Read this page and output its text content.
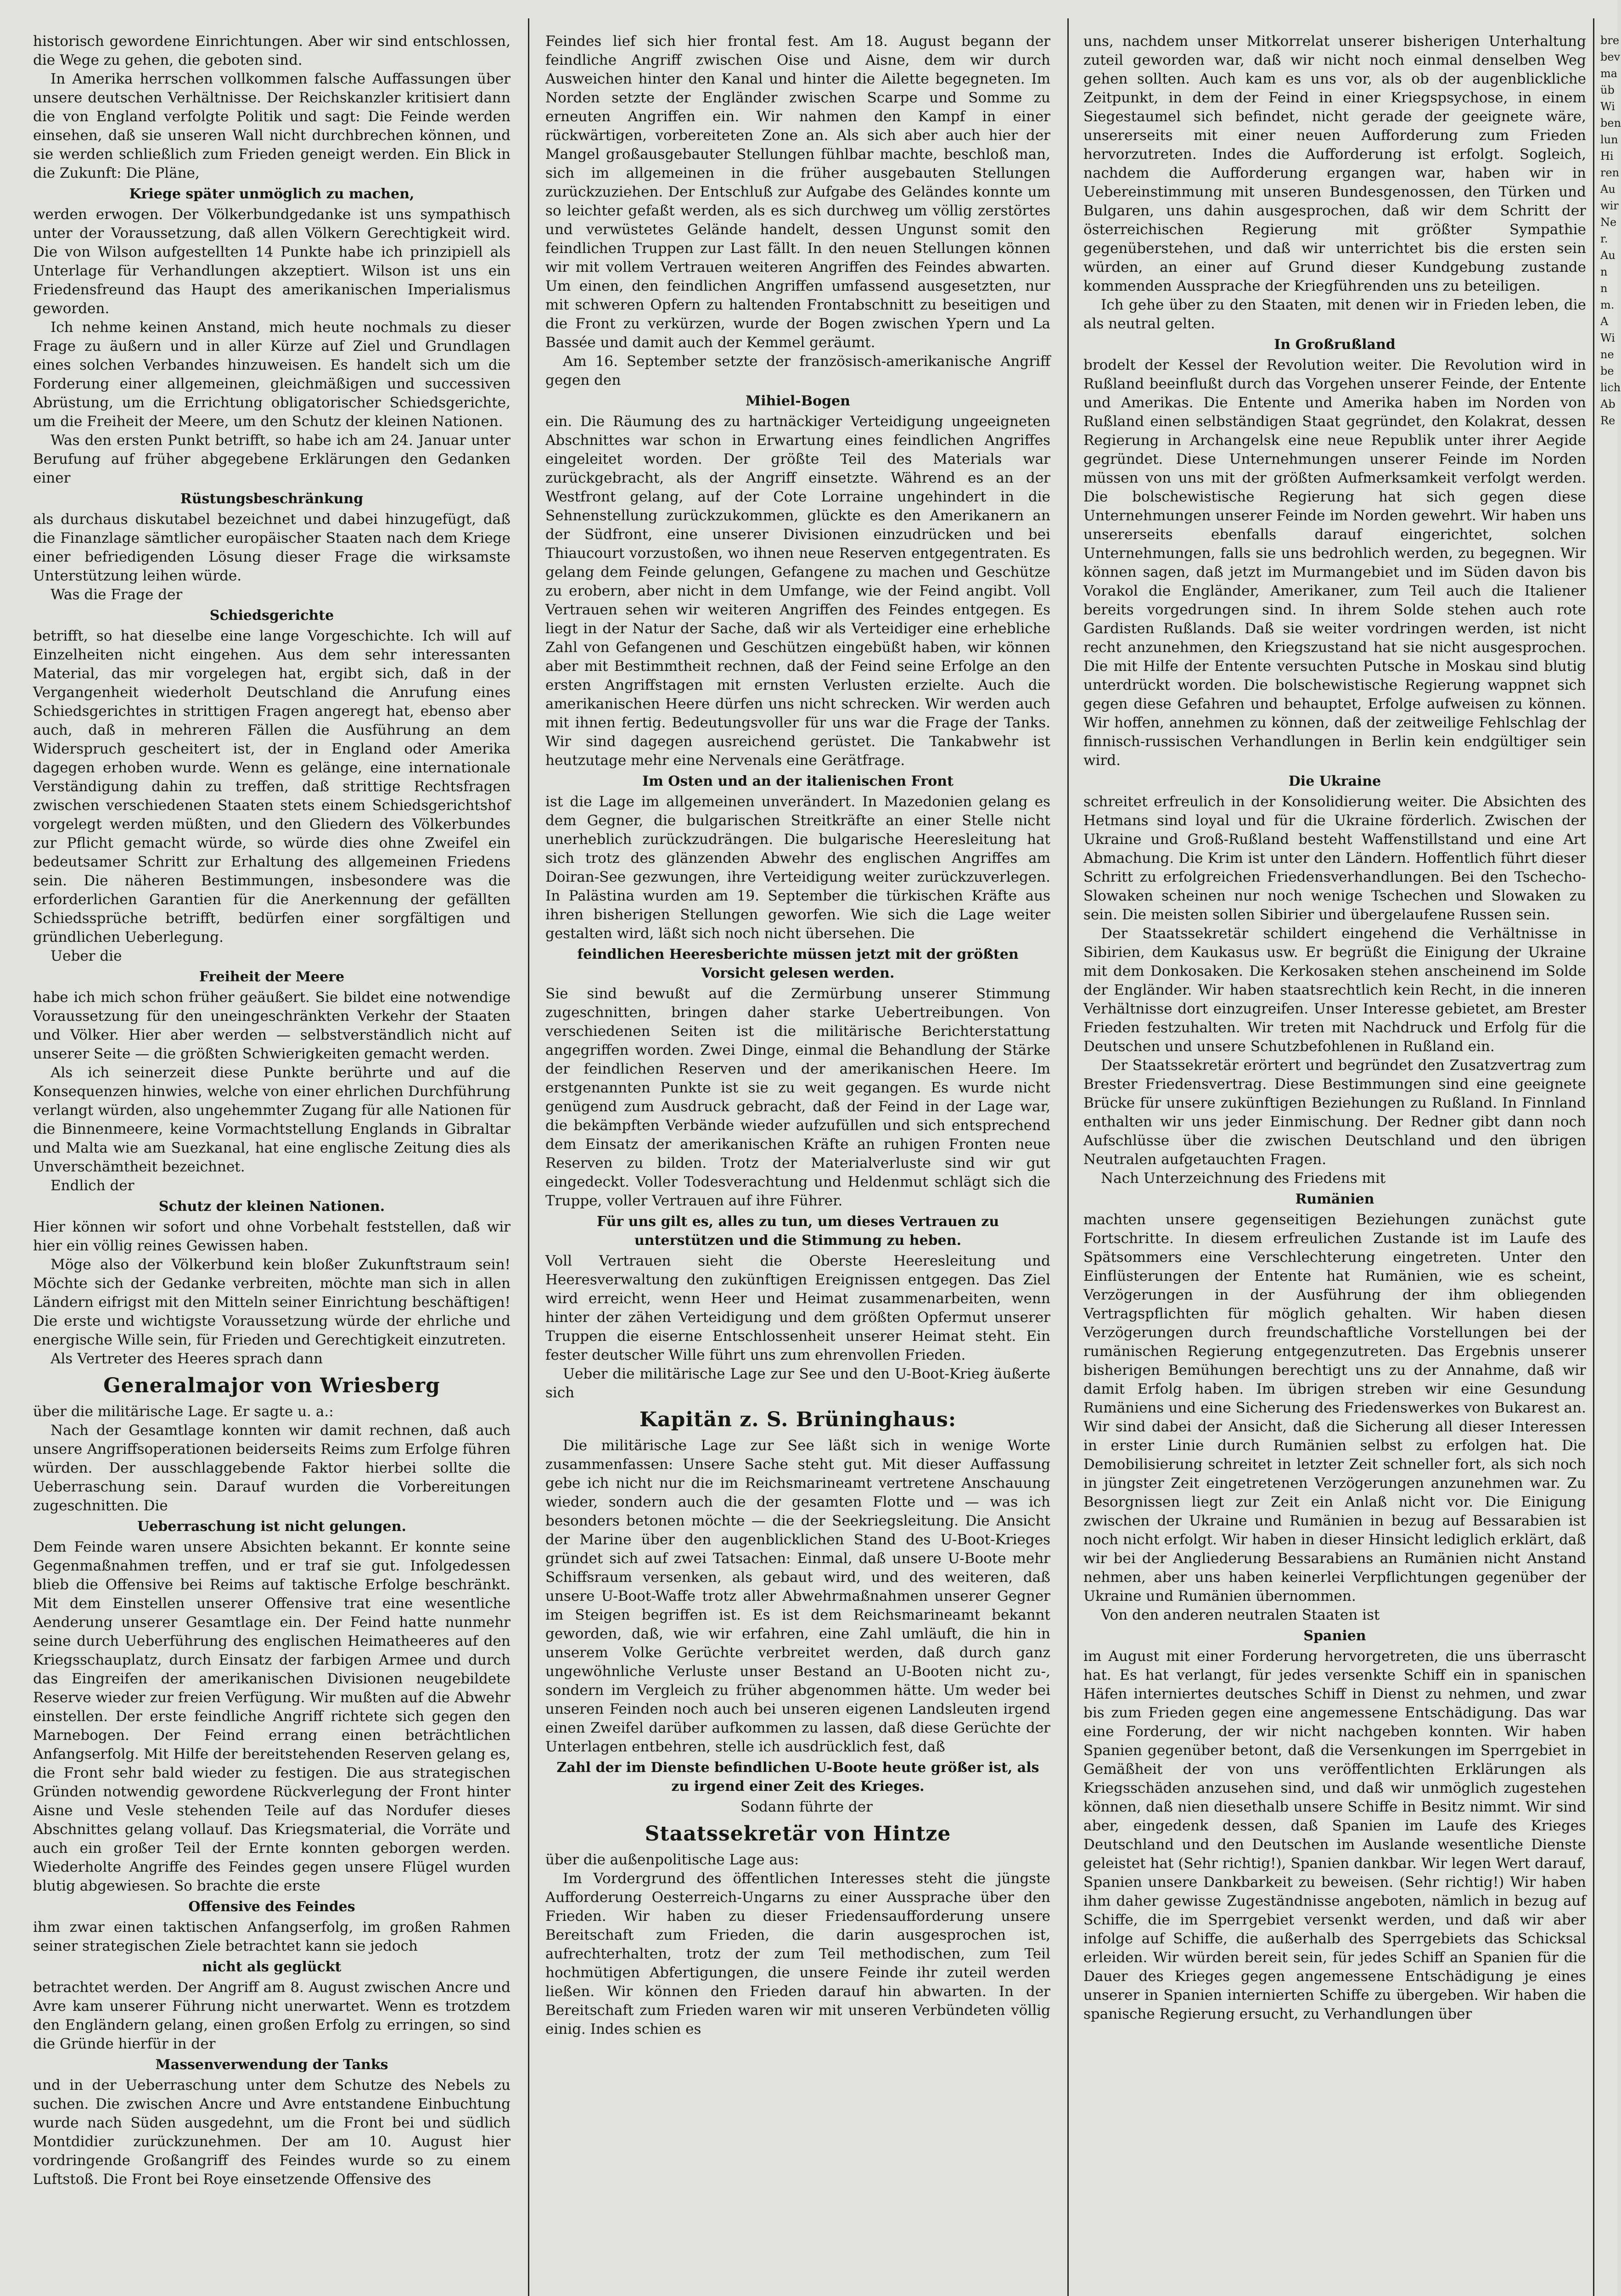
historisch gewordene Einrichtungen. Aber wir sind entschlossen, die Wege zu gehen, die geboten sind.

In Amerika herrschen vollkommen falsche Auffassungen über unsere deutschen Verhältnisse. Der Reichskanzler kritisiert dann die von England verfolgte Politik und sagt: Die Feinde werden einsehen, daß sie unseren Wall nicht durchbrechen können, und sie werden schließlich zum Frieden geneigt werden. Ein Blick in die Zukunft: Die Pläne,

Kriege später unmöglich zu machen,

werden erwogen. Der Völkerbundgedanke ist uns sympathisch unter der Voraussetzung, daß allen Völkern Gerechtigkeit wird. Die von Wilson aufgestellten 14 Punkte habe ich prinzipiell als Unterlage für Verhandlungen akzeptiert. Wilson ist uns ein Friedensfreund das Haupt des amerikanischen Imperialismus geworden.

Ich nehme keinen Anstand, mich heute nochmals zu dieser Frage zu äußern und in aller Kürze auf Ziel und Grundlagen eines solchen Verbandes hinzuweisen. Es handelt sich um die Forderung einer allgemeinen, gleichmäßigen und successiven Abrüstung, um die Errichtung obligatorischer Schiedsgerichte, um die Freiheit der Meere, um den Schutz der kleinen Nationen.

Was den ersten Punkt betrifft, so habe ich am 24. Januar unter Berufung auf früher abgegebene Erklärungen den Gedanken einer

Rüstungsbeschränkung

als durchaus diskutabel bezeichnet und dabei hinzugefügt, daß die Finanzlage sämtlicher europäischer Staaten nach dem Kriege einer befriedigenden Lösung dieser Frage die wirksamste Unterstützung leihen würde.

Was die Frage der

Schiedsgerichte

betrifft, so hat dieselbe eine lange Vorgeschichte. Ich will auf Einzelheiten nicht eingehen. Aus dem sehr interessanten Material, das mir vorgelegen hat, ergibt sich, daß in der Vergangenheit wiederholt Deutschland die Anrufung eines Schiedsgerichtes in strittigen Fragen angeregt hat, ebenso aber auch, daß in mehreren Fällen die Ausführung an dem Widerspruch gescheitert ist, der in England oder Amerika dagegen erhoben wurde. Wenn es gelänge, eine internationale Verständigung dahin zu treffen, daß strittige Rechtsfragen zwischen verschiedenen Staaten stets einem Schiedsgerichtshof vorgelegt werden müßten, und den Gliedern des Völkerbundes zur Pflicht gemacht würde, so würde dies ohne Zweifel ein bedeutsamer Schritt zur Erhaltung des allgemeinen Friedens sein. Die näheren Bestimmungen, insbesondere was die erforderlichen Garantien für die Anerkennung der gefällten Schiedssprüche betrifft, bedürfen einer sorgfältigen und gründlichen Ueberlegung.

Ueber die

Freiheit der Meere

habe ich mich schon früher geäußert. Sie bildet eine notwendige Voraussetzung für den uneingeschränkten Verkehr der Staaten und Völker. Hier aber werden — selbstverständlich nicht auf unserer Seite — die größten Schwierigkeiten gemacht werden.

Als ich seinerzeit diese Punkte berührte und auf die Konsequenzen hinwies, welche von einer ehrlichen Durchführung verlangt würden, also ungehemmter Zugang für alle Nationen für die Binnenmeere, keine Vormachtstellung Englands in Gibraltar und Malta wie am Suezkanal, hat eine englische Zeitung dies als Unverschämtheit bezeichnet.

Endlich der

Schutz der kleinen Nationen.

Hier können wir sofort und ohne Vorbehalt feststellen, daß wir hier ein völlig reines Gewissen haben.

Möge also der Völkerbund kein bloßer Zukunftstraum sein! Möchte sich der Gedanke verbreiten, möchte man sich in allen Ländern eifrigst mit den Mitteln seiner Einrichtung beschäftigen! Die erste und wichtigste Voraussetzung würde der ehrliche und energische Wille sein, für Frieden und Gerechtigkeit einzutreten.

Als Vertreter des Heeres sprach dann

Generalmajor von Wriesberg

über die militärische Lage. Er sagte u. a.:

Nach der Gesamtlage konnten wir damit rechnen, daß auch unsere Angriffsoperationen beiderseits Reims zum Erfolge führen würden. Der ausschlaggebende Faktor hierbei sollte die Ueberraschung sein. Darauf wurden die Vorbereitungen zugeschnitten. Die

Ueberraschung ist nicht gelungen.

Dem Feinde waren unsere Absichten bekannt. Er konnte seine Gegenmaßnahmen treffen, und er traf sie gut. Infolgedessen blieb die Offensive bei Reims auf taktische Erfolge beschränkt. Mit dem Einstellen unserer Offensive trat eine wesentliche Aenderung unserer Gesamtlage ein. Der Feind hatte nunmehr seine durch Ueberführung des englischen Heimatheeres auf den Kriegsschauplatz, durch Einsatz der farbigen Armee und durch das Eingreifen der amerikanischen Divisionen neugebildete Reserve wieder zur freien Verfügung. Wir mußten auf die Abwehr einstellen. Der erste feindliche Angriff richtete sich gegen den Marnebogen. Der Feind errang einen beträchtlichen Anfangserfolg. Mit Hilfe der bereitstehenden Reserven gelang es, die Front sehr bald wieder zu festigen. Die aus strategischen Gründen notwendig gewordene Rückverlegung der Front hinter Aisne und Vesle stehenden Teile auf das Nordufer dieses Abschnittes gelang vollauf. Das Kriegsmaterial, die Vorräte und auch ein großer Teil der Ernte konnten geborgen werden. Wiederholte Angriffe des Feindes gegen unsere Flügel wurden blutig abgewiesen. So brachte die erste

Offensive des Feindes

ihm zwar einen taktischen Anfangserfolg, im großen Rahmen seiner strategischen Ziele betrachtet kann sie jedoch

nicht als geglückt

betrachtet werden. Der Angriff am 8. August zwischen Ancre und Avre kam unserer Führung nicht unerwartet. Wenn es trotzdem den Engländern gelang, einen großen Erfolg zu erringen, so sind die Gründe hierfür in der

Massenverwendung der Tanks

und in der Ueberraschung unter dem Schutze des Nebels zu suchen. Die zwischen Ancre und Avre entstandene Einbuchtung wurde nach Süden ausgedehnt, um die Front bei und südlich Montdidier zurückzunehmen. Der am 10. August hier vordringende Großangriff des Feindes wurde so zu einem Luftstoß. Die Front bei Roye einsetzende Offensive des

Feindes lief sich hier frontal fest. Am 18. August begann der feindliche Angriff zwischen Oise und Aisne, dem wir durch Ausweichen hinter den Kanal und hinter die Ailette begegneten. Im Norden setzte der Engländer zwischen Scarpe und Somme zu erneuten Angriffen ein. Wir nahmen den Kampf in einer rückwärtigen, vorbereiteten Zone an. Als sich aber auch hier der Mangel großausgebauter Stellungen fühlbar machte, beschloß man, sich im allgemeinen in die früher ausgebauten Stellungen zurückzuziehen. Der Entschluß zur Aufgabe des Geländes konnte um so leichter gefaßt werden, als es sich durchweg um völlig zerstörtes und verwüstetes Gelände handelt, dessen Ungunst somit den feindlichen Truppen zur Last fällt. In den neuen Stellungen können wir mit vollem Vertrauen weiteren Angriffen des Feindes abwarten. Um einen, den feindlichen Angriffen umfassend ausgesetzten, nur mit schweren Opfern zu haltenden Frontabschnitt zu beseitigen und die Front zu verkürzen, wurde der Bogen zwischen Ypern und La Bassée und damit auch der Kemmel geräumt.

Am 16. September setzte der französisch-amerikanische Angriff gegen den

Mihiel-Bogen

ein. Die Räumung des zu hartnäckiger Verteidigung ungeeigneten Abschnittes war schon in Erwartung eines feindlichen Angriffes eingeleitet worden. Der größte Teil des Materials war zurückgebracht, als der Angriff einsetzte. Während es an der Westfront gelang, auf der Cote Lorraine ungehindert in die Sehnenstellung zurückzukommen, glückte es den Amerikanern an der Südfront, eine unserer Divisionen einzudrücken und bei Thiaucourt vorzustoßen, wo ihnen neue Reserven entgegentraten. Es gelang dem Feinde gelungen, Gefangene zu machen und Geschütze zu erobern, aber nicht in dem Umfange, wie der Feind angibt. Voll Vertrauen sehen wir weiteren Angriffen des Feindes entgegen. Es liegt in der Natur der Sache, daß wir als Verteidiger eine erhebliche Zahl von Gefangenen und Geschützen eingebüßt haben, wir können aber mit Bestimmtheit rechnen, daß der Feind seine Erfolge an den ersten Angriffstagen mit ernsten Verlusten erzielte. Auch die amerikanischen Heere dürfen uns nicht schrecken. Wir werden auch mit ihnen fertig. Bedeutungsvoller für uns war die Frage der Tanks. Wir sind dagegen ausreichend gerüstet. Die Tankabwehr ist heutzutage mehr eine Nervenals eine Gerätfrage.

Im Osten und an der italienischen Front

ist die Lage im allgemeinen unverändert. In Mazedonien gelang es dem Gegner, die bulgarischen Streitkräfte an einer Stelle nicht unerheblich zurückzudrängen. Die bulgarische Heeresleitung hat sich trotz des glänzenden Abwehr des englischen Angriffes am Doiran-See gezwungen, ihre Verteidigung weiter zurückzuverlegen. In Palästina wurden am 19. September die türkischen Kräfte aus ihren bisherigen Stellungen geworfen. Wie sich die Lage weiter gestalten wird, läßt sich noch nicht übersehen. Die

feindlichen Heeresberichte müssen jetzt mit der größten Vorsicht gelesen werden.

Sie sind bewußt auf die Zermürbung unserer Stimmung zugeschnitten, bringen daher starke Uebertreibungen. Von verschiedenen Seiten ist die militärische Berichterstattung angegriffen worden. Zwei Dinge, einmal die Behandlung der Stärke der feindlichen Reserven und der amerikanischen Heere. Im erstgenannten Punkte ist sie zu weit gegangen. Es wurde nicht genügend zum Ausdruck gebracht, daß der Feind in der Lage war, die bekämpften Verbände wieder aufzufüllen und sich entsprechend dem Einsatz der amerikanischen Kräfte an ruhigen Fronten neue Reserven zu bilden. Trotz der Materialverluste sind wir gut eingedeckt. Voller Todesverachtung und Heldenmut schlägt sich die Truppe, voller Vertrauen auf ihre Führer.

Für uns gilt es, alles zu tun, um dieses Vertrauen zu unterstützen und die Stimmung zu heben.

Voll Vertrauen sieht die Oberste Heeresleitung und Heeresverwaltung den zukünftigen Ereignissen entgegen. Das Ziel wird erreicht, wenn Heer und Heimat zusammenarbeiten, wenn hinter der zähen Verteidigung und dem größten Opfermut unserer Truppen die eiserne Entschlossenheit unserer Heimat steht. Ein fester deutscher Wille führt uns zum ehrenvollen Frieden.

Ueber die militärische Lage zur See und den U-Boot-Krieg äußerte sich

Kapitän z. S. Brüninghaus:

Die militärische Lage zur See läßt sich in wenige Worte zusammenfassen: Unsere Sache steht gut. Mit dieser Auffassung gebe ich nicht nur die im Reichsmarineamt vertretene Anschauung wieder, sondern auch die der gesamten Flotte und — was ich besonders betonen möchte — die der Seekriegsleitung. Die Ansicht der Marine über den augenblicklichen Stand des U-Boot-Krieges gründet sich auf zwei Tatsachen: Einmal, daß unsere U-Boote mehr Schiffsraum versenken, als gebaut wird, und des weiteren, daß unsere U-Boot-Waffe trotz aller Abwehrmaßnahmen unserer Gegner im Steigen begriffen ist. Es ist dem Reichsmarineamt bekannt geworden, daß, wie wir erfahren, eine Zahl umläuft, die hin in unserem Volke Gerüchte verbreitet werden, daß durch ganz ungewöhnliche Verluste unser Bestand an U-Booten nicht zu-, sondern im Vergleich zu früher abgenommen hätte. Um weder bei unseren Feinden noch auch bei unseren eigenen Landsleuten irgend einen Zweifel darüber aufkommen zu lassen, daß diese Gerüchte der Unterlagen entbehren, stelle ich ausdrücklich fest, daß

Zahl der im Dienste befindlichen U-Boote heute größer ist, als zu irgend einer Zeit des Krieges.

Sodann führte der

Staatssekretär von Hintze

über die außenpolitische Lage aus:

Im Vordergrund des öffentlichen Interesses steht die jüngste Aufforderung Oesterreich-Ungarns zu einer Aussprache über den Frieden. Wir haben zu dieser Friedensaufforderung unsere Bereitschaft zum Frieden, die darin ausgesprochen ist, aufrechterhalten, trotz der zum Teil methodischen, zum Teil hochmütigen Abfertigungen, die unsere Feinde ihr zuteil werden ließen. Wir können den Frieden darauf hin abwarten. In der Bereitschaft zum Frieden waren wir mit unseren Verbündeten völlig einig. Indes schien es

uns, nachdem unser Mitkorrelat unserer bisherigen Unterhaltung zuteil geworden war, daß wir nicht noch einmal denselben Weg gehen sollten. Auch kam es uns vor, als ob der augenblickliche Zeitpunkt, in dem der Feind in einer Kriegspsychose, in einem Siegestaumel sich befindet, nicht gerade der geeignete wäre, unsererseits mit einer neuen Aufforderung zum Frieden hervorzutreten. Indes die Aufforderung ist erfolgt. Sogleich, nachdem die Aufforderung ergangen war, haben wir in Uebereinstimmung mit unseren Bundesgenossen, den Türken und Bulgaren, uns dahin ausgesprochen, daß wir dem Schritt der österreichischen Regierung mit größter Sympathie gegenüberstehen, und daß wir unterrichtet bis die ersten sein würden, an einer auf Grund dieser Kundgebung zustande kommenden Aussprache der Kriegführenden uns zu beteiligen.

Ich gehe über zu den Staaten, mit denen wir in Frieden leben, die als neutral gelten.

In Großrußland

brodelt der Kessel der Revolution weiter. Die Revolution wird in Rußland beeinflußt durch das Vorgehen unserer Feinde, der Entente und Amerikas. Die Entente und Amerika haben im Norden von Rußland einen selbständigen Staat gegründet, den Kolakrat, dessen Regierung in Archangelsk eine neue Republik unter ihrer Aegide gegründet. Diese Unternehmungen unserer Feinde im Norden müssen von uns mit der größten Aufmerksamkeit verfolgt werden. Die bolschewistische Regierung hat sich gegen diese Unternehmungen unserer Feinde im Norden gewehrt. Wir haben uns unsererseits ebenfalls darauf eingerichtet, solchen Unternehmungen, falls sie uns bedrohlich werden, zu begegnen. Wir können sagen, daß jetzt im Murmangebiet und im Süden davon bis Vorakol die Engländer, Amerikaner, zum Teil auch die Italiener bereits vorgedrungen sind. In ihrem Solde stehen auch rote Gardisten Rußlands. Daß sie weiter vordringen werden, ist nicht recht anzunehmen, den Kriegszustand hat sie nicht ausgesprochen. Die mit Hilfe der Entente versuchten Putsche in Moskau sind blutig unterdrückt worden. Die bolschewistische Regierung wappnet sich gegen diese Gefahren und behauptet, Erfolge aufweisen zu können. Wir hoffen, annehmen zu können, daß der zeitweilige Fehlschlag der finnisch-russischen Verhandlungen in Berlin kein endgültiger sein wird.

Die Ukraine

schreitet erfreulich in der Konsolidierung weiter. Die Absichten des Hetmans sind loyal und für die Ukraine förderlich. Zwischen der Ukraine und Groß-Rußland besteht Waffenstillstand und eine Art Abmachung. Die Krim ist unter den Ländern. Hoffentlich führt dieser Schritt zu erfolgreichen Friedensverhandlungen. Bei den Tschecho-Slowaken scheinen nur noch wenige Tschechen und Slowaken zu sein. Die meisten sollen Sibirier und übergelaufene Russen sein.

Der Staatssekretär schildert eingehend die Verhältnisse in Sibirien, dem Kaukasus usw. Er begrüßt die Einigung der Ukraine mit dem Donkosaken. Die Kerkosaken stehen anscheinend im Solde der Engländer. Wir haben staatsrechtlich kein Recht, in die inneren Verhältnisse dort einzugreifen. Unser Interesse gebietet, am Brester Frieden festzuhalten. Wir treten mit Nachdruck und Erfolg für die Deutschen und unsere Schutzbefohlenen in Rußland ein.

Der Staatssekretär erörtert und begründet den Zusatzvertrag zum Brester Friedensvertrag. Diese Bestimmungen sind eine geeignete Brücke für unsere zukünftigen Beziehungen zu Rußland. In Finnland enthalten wir uns jeder Einmischung. Der Redner gibt dann noch Aufschlüsse über die zwischen Deutschland und den übrigen Neutralen aufgetauchten Fragen.

Nach Unterzeichnung des Friedens mit

Rumänien

machten unsere gegenseitigen Beziehungen zunächst gute Fortschritte. In diesem erfreulichen Zustande ist im Laufe des Spätsommers eine Verschlechterung eingetreten. Unter den Einflüsterungen der Entente hat Rumänien, wie es scheint, Verzögerungen in der Ausführung der ihm obliegenden Vertragspflichten für möglich gehalten. Wir haben diesen Verzögerungen durch freundschaftliche Vorstellungen bei der rumänischen Regierung entgegenzutreten. Das Ergebnis unserer bisherigen Bemühungen berechtigt uns zu der Annahme, daß wir damit Erfolg haben. Im übrigen streben wir eine Gesundung Rumäniens und eine Sicherung des Friedenswerkes von Bukarest an. Wir sind dabei der Ansicht, daß die Sicherung all dieser Interessen in erster Linie durch Rumänien selbst zu erfolgen hat. Die Demobilisierung schreitet in letzter Zeit schneller fort, als sich noch in jüngster Zeit eingetretenen Verzögerungen anzunehmen war. Zu Besorgnissen liegt zur Zeit ein Anlaß nicht vor. Die Einigung zwischen der Ukraine und Rumänien in bezug auf Bessarabien ist noch nicht erfolgt. Wir haben in dieser Hinsicht lediglich erklärt, daß wir bei der Angliederung Bessarabiens an Rumänien nicht Anstand nehmen, aber uns haben keinerlei Verpflichtungen gegenüber der Ukraine und Rumänien übernommen.

Von den anderen neutralen Staaten ist

Spanien

im August mit einer Forderung hervorgetreten, die uns überrascht hat. Es hat verlangt, für jedes versenkte Schiff ein in spanischen Häfen interniertes deutsches Schiff in Dienst zu nehmen, und zwar bis zum Frieden gegen eine angemessene Entschädigung. Das war eine Forderung, der wir nicht nachgeben konnten. Wir haben Spanien gegenüber betont, daß die Versenkungen im Sperrgebiet in Gemäßheit der von uns veröffentlichten Erklärungen als Kriegsschäden anzusehen sind, und daß wir unmöglich zugestehen können, daß nien diesethalb unsere Schiffe in Besitz nimmt. Wir sind aber, eingedenk dessen, daß Spanien im Laufe des Krieges Deutschland und den Deutschen im Auslande wesentliche Dienste geleistet hat (Sehr richtig!), Spanien dankbar. Wir legen Wert darauf, Spanien unsere Dankbarkeit zu beweisen. (Sehr richtig!) Wir haben ihm daher gewisse Zugeständnisse angeboten, nämlich in bezug auf Schiffe, die im Sperrgebiet versenkt werden, und daß wir aber infolge auf Schiffe, die außerhalb des Sperrgebiets das Schicksal erleiden. Wir würden bereit sein, für jedes Schiff an Spanien für die Dauer des Krieges gegen angemessene Entschädigung je eines unserer in Spanien internierten Schiffe zu übergeben. Wir haben die spanische Regierung ersucht, zu Verhandlungen über

bre bev ma üb Wi ben lun Hi ren Au wir Ne r. Au n n m. A Wi ne be lich Ab Re
